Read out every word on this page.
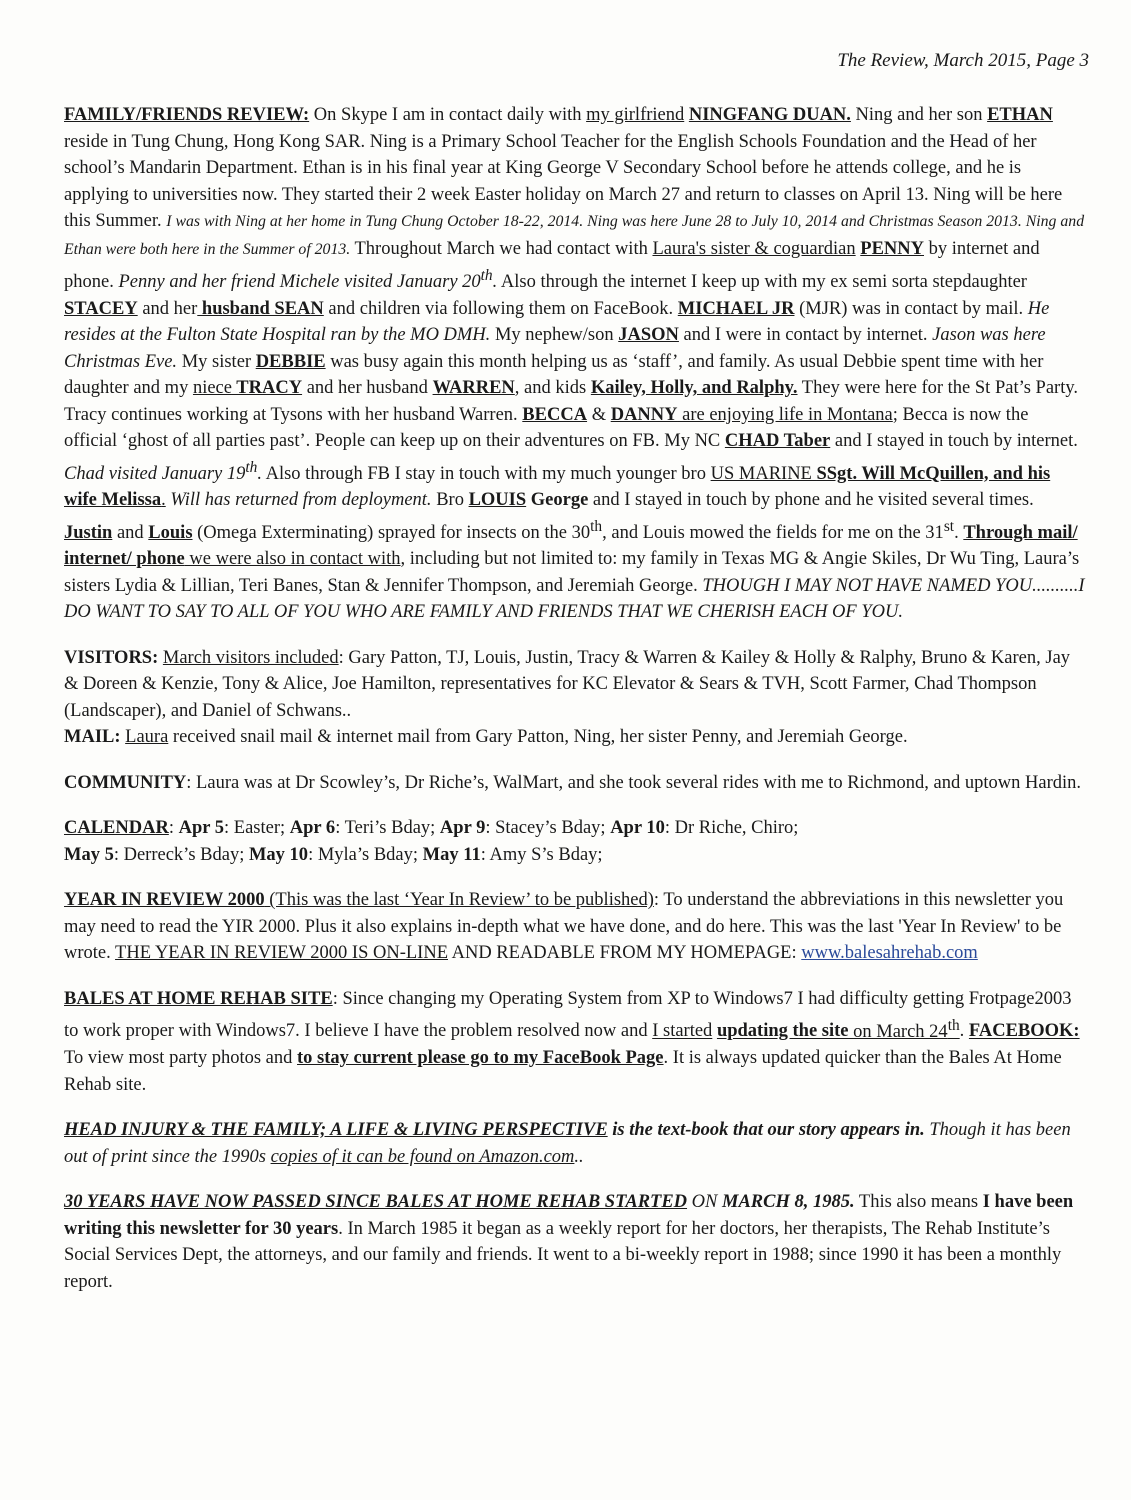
The Review, March 2015, Page 3

FAMILY/FRIENDS REVIEW: On Skype I am in contact daily with my girlfriend NINGFANG DUAN. Ning and her son ETHAN reside in Tung Chung, Hong Kong SAR. Ning is a Primary School Teacher for the English Schools Foundation and the Head of her school’s Mandarin Department. Ethan is in his final year at King George V Secondary School before he attends college, and he is applying to universities now. They started their 2 week Easter holiday on March 27 and return to classes on April 13. Ning will be here this Summer. I was with Ning at her home in Tung Chung October 18-22, 2014. Ning was here June 28 to July 10, 2014 and Christmas Season 2013. Ning and Ethan were both here in the Summer of 2013. Throughout March we had contact with Laura's sister & coguardian PENNY by internet and phone. Penny and her friend Michele visited January 20th. Also through the internet I keep up with my ex semi sorta stepdaughter STACEY and her husband SEAN and children via following them on FaceBook. MICHAEL JR (MJR) was in contact by mail. He resides at the Fulton State Hospital ran by the MO DMH. My nephew/son JASON and I were in contact by internet. Jason was here Christmas Eve. My sister DEBBIE was busy again this month helping us as ‘staff’, and family. As usual Debbie spent time with her daughter and my niece TRACY and her husband WARREN, and kids Kailey, Holly, and Ralphy. They were here for the St Pat’s Party. Tracy continues working at Tysons with her husband Warren. BECCA & DANNY are enjoying life in Montana; Becca is now the official ‘ghost of all parties past’. People can keep up on their adventures on FB. My NC CHAD Taber and I stayed in touch by internet. Chad visited January 19th. Also through FB I stay in touch with my much younger bro US MARINE SSgt. Will McQuillen, and his wife Melissa. Will has returned from deployment. Bro LOUIS George and I stayed in touch by phone and he visited several times. Justin and Louis (Omega Exterminating) sprayed for insects on the 30th, and Louis mowed the fields for me on the 31st. Through mail/ internet/ phone we were also in contact with, including but not limited to: my family in Texas MG & Angie Skiles, Dr Wu Ting, Laura’s sisters Lydia & Lillian, Teri Banes, Stan & Jennifer Thompson, and Jeremiah George. THOUGH I MAY NOT HAVE NAMED YOU..........I DO WANT TO SAY TO ALL OF YOU WHO ARE FAMILY AND FRIENDS THAT WE CHERISH EACH OF YOU.

VISITORS: March visitors included: Gary Patton, TJ, Louis, Justin, Tracy & Warren & Kailey & Holly & Ralphy, Bruno & Karen, Jay & Doreen & Kenzie, Tony & Alice, Joe Hamilton, representatives for KC Elevator & Sears & TVH, Scott Farmer, Chad Thompson (Landscaper), and Daniel of Schwans..

MAIL: Laura received snail mail & internet mail from Gary Patton, Ning, her sister Penny, and Jeremiah George.

COMMUNITY: Laura was at Dr Scowley’s, Dr Riche’s, WalMart, and she took several rides with me to Richmond, and uptown Hardin.

CALENDAR: Apr 5: Easter; Apr 6: Teri’s Bday; Apr 9: Stacey’s Bday; Apr 10: Dr Riche, Chiro;
May 5: Derreck’s Bday; May 10: Myla’s Bday; May 11: Amy S’s Bday;

YEAR IN REVIEW 2000 (This was the last ‘Year In Review’ to be published): To understand the abbreviations in this newsletter you may need to read the YIR 2000. Plus it also explains in-depth what we have done, and do here. This was the last 'Year In Review' to be wrote. THE YEAR IN REVIEW 2000 IS ON-LINE AND READABLE FROM MY HOMEPAGE: www.balesahrehab.com

BALES AT HOME REHAB SITE: Since changing my Operating System from XP to Windows7 I had difficulty getting Frotpage2003 to work proper with Windows7. I believe I have the problem resolved now and I started updating the site on March 24th. FACEBOOK: To view most party photos and to stay current please go to my FaceBook Page. It is always updated quicker than the Bales At Home Rehab site.

HEAD INJURY & THE FAMILY; A LIFE & LIVING PERSPECTIVE is the text-book that our story appears in. Though it has been out of print since the 1990s copies of it can be found on Amazon.com..

30 YEARS HAVE NOW PASSED SINCE BALES AT HOME REHAB STARTED ON MARCH 8, 1985. This also means I have been writing this newsletter for 30 years. In March 1985 it began as a weekly report for her doctors, her therapists, The Rehab Institute’s Social Services Dept, the attorneys, and our family and friends. It went to a bi-weekly report in 1988; since 1990 it has been a monthly report.
